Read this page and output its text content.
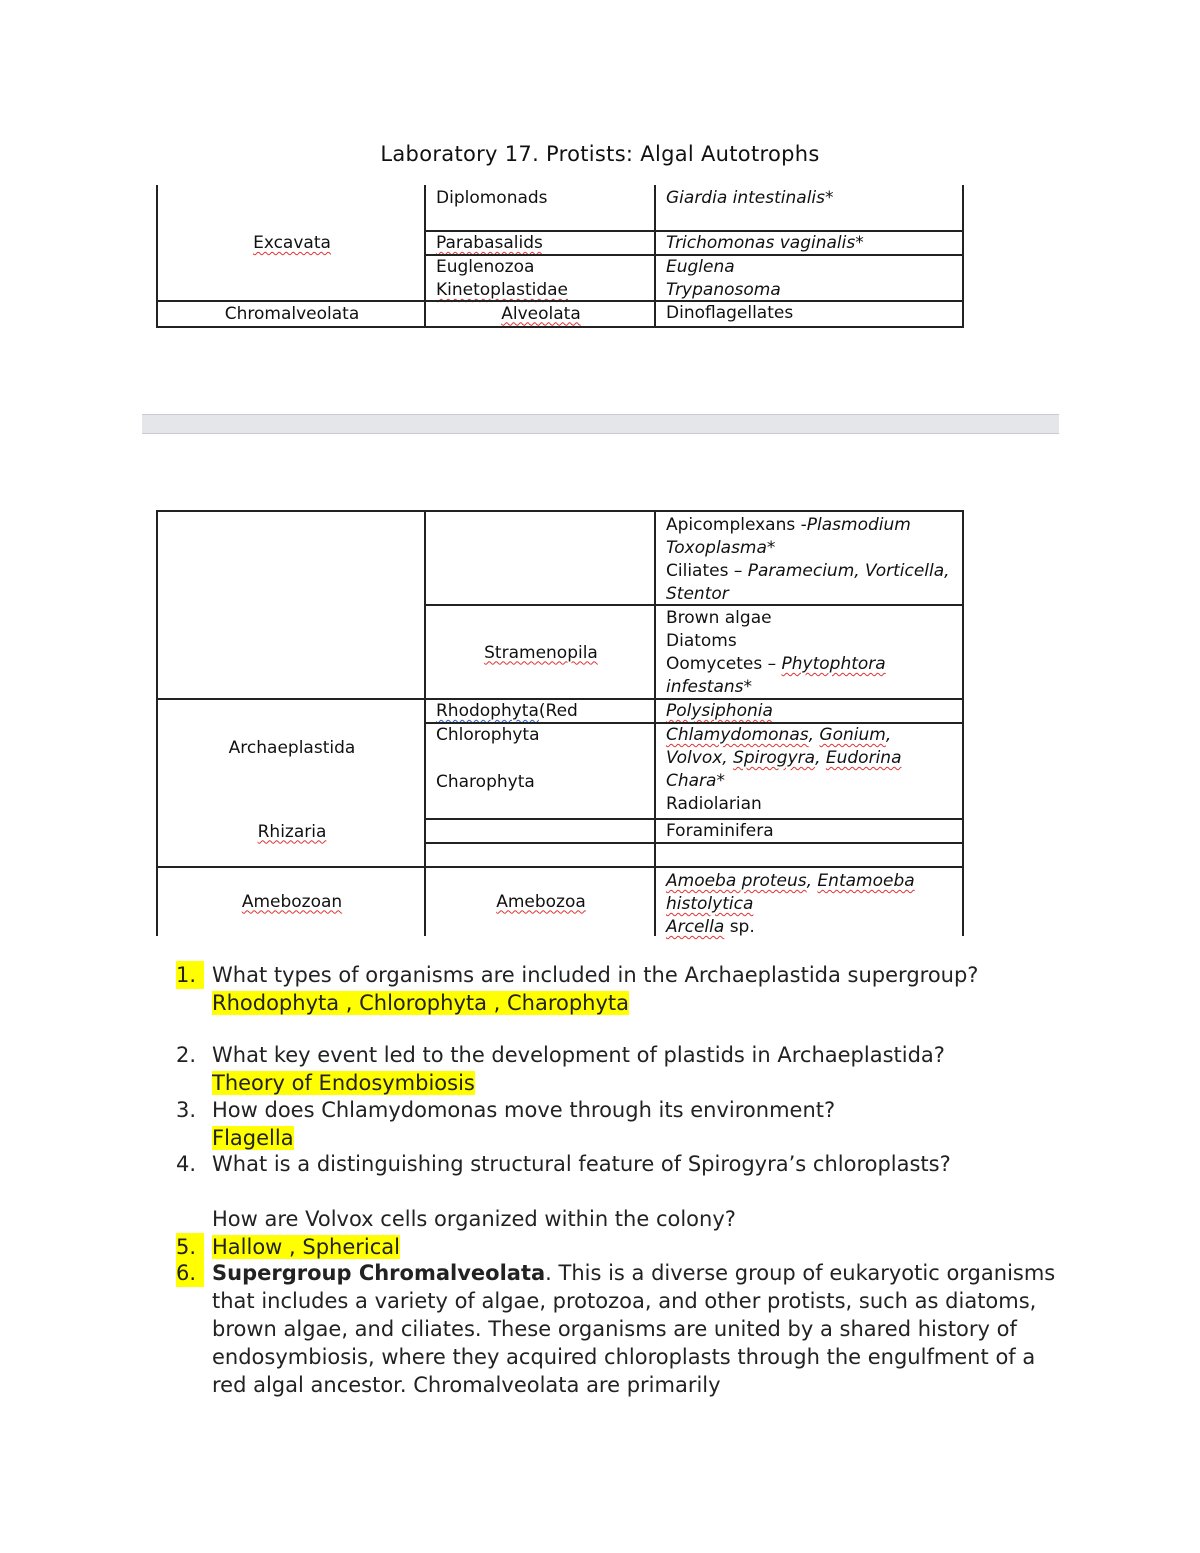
Laboratory 17. Protists: Algal Autotrophs
Excavata
Chromalveolata
Diplomonads
Parabasalids
Euglenozoa
Kinetoplastidae
Alveolata
Giardia intestinalis*
Trichomonas vaginalis*
Euglena
Trypanosoma
Dinoflagellates
Archaeplastida
Rhizaria
Amebozoan
Stramenopila
Rhodophyta(Red
Chlorophyta
Charophyta
Amebozoa
Apicomplexans -Plasmodium
Toxoplasma*
Ciliates – Paramecium, Vorticella, Stentor
Brown algae
Diatoms
Oomycetes – Phytophtora
infestans*
Polysiphonia
Chlamydomonas, Gonium,
Volvox, Spirogyra, Eudorina
Chara*
Radiolarian
Foraminifera
Amoeba proteus, Entamoeba
histolytica
Arcella sp.
1. What types of organisms are included in the Archaeplastida supergroup?
Rhodophyta , Chlorophyta , Charophyta
2. What key event led to the development of plastids in Archaeplastida?
Theory of Endosymbiosis
3. How does Chlamydomonas move through its environment?
Flagella
4. What is a distinguishing structural feature of Spirogyra’s chloroplasts?
How are Volvox cells organized within the colony?
5. Hallow , Spherical
6. Supergroup Chromalveolata. This is a diverse group of eukaryotic organisms that includes a variety of algae, protozoa, and other protists, such as diatoms, brown algae, and ciliates. These organisms are united by a shared history of endosymbiosis, where they acquired chloroplasts through the engulfment of a red algal ancestor. Chromalveolata are primarily
